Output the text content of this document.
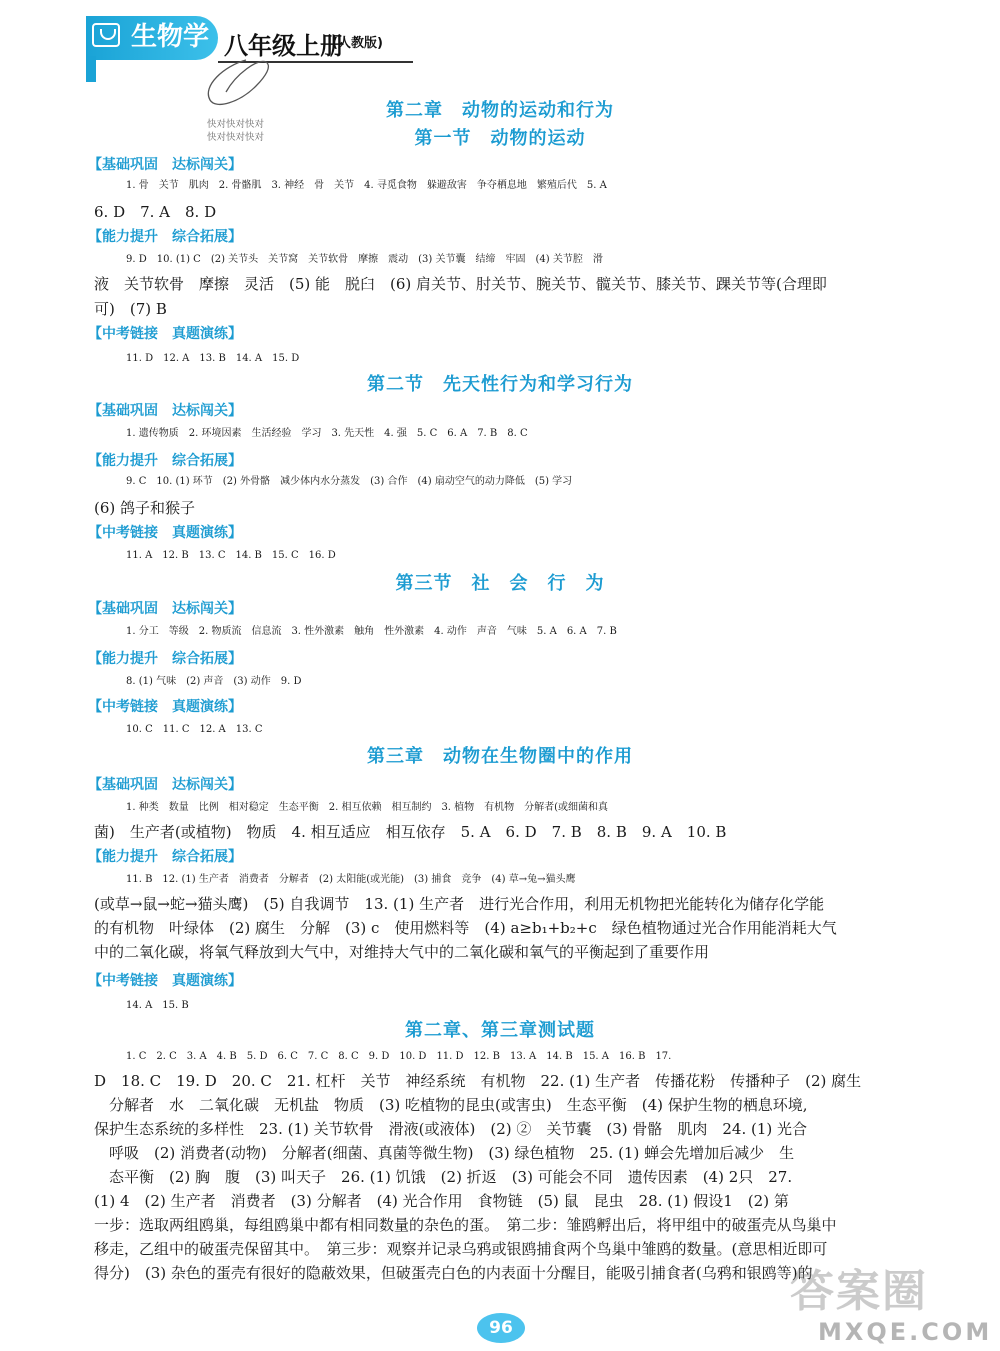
生物学 八年级上册
(人教版)
快对快对快对
快对快对快对
第二章　动物的运动和行为
第一节　动物的运动
【基础巩固　达标闯关】
1. 骨　关节　肌肉　2. 骨骼肌　3. 神经　骨　关节　4. 寻觅食物　躲避敌害　争夺栖息地　繁殖后代　5. A
6. D　7. A　8. D
【能力提升　综合拓展】
9. D　10. (1) C　(2) 关节头　关节窝　关节软骨　摩擦　震动　(3) 关节囊　结缔　牢固　(4) 关节腔　滑
液　关节软骨　摩擦　灵活　(5) 能　脱臼　(6) 肩关节、肘关节、腕关节、髋关节、膝关节、踝关节等(合理即
可)　(7) B
【中考链接　真题演练】
11. D　12. A　13. B　14. A　15. D
第二节　先天性行为和学习行为
【基础巩固　达标闯关】
1. 遗传物质　2. 环境因素　生活经验　学习　3. 先天性　4. 强　5. C　6. A　7. B　8. C
【能力提升　综合拓展】
9. C　10. (1) 环节　(2) 外骨骼　减少体内水分蒸发　(3) 合作　(4) 扇动空气的动力降低　(5) 学习
(6) 鸽子和猴子
【中考链接　真题演练】
11. A　12. B　13. C　14. B　15. C　16. D
第三节　社　会　行　为
【基础巩固　达标闯关】
1. 分工　等级　2. 物质流　信息流　3. 性外激素　触角　性外激素　4. 动作　声音　气味　5. A　6. A　7. B
【能力提升　综合拓展】
8. (1) 气味　(2) 声音　(3) 动作　9. D
【中考链接　真题演练】
10. C　11. C　12. A　13. C
第三章　动物在生物圈中的作用
【基础巩固　达标闯关】
1. 种类　数量　比例　相对稳定　生态平衡　2. 相互依赖　相互制约　3. 植物　有机物　分解者(或细菌和真
菌)　生产者(或植物)　物质　4. 相互适应　相互依存　5. A　6. D　7. B　8. B　9. A　10. B
【能力提升　综合拓展】
11. B　12. (1) 生产者　消费者　分解者　(2) 太阳能(或光能)　(3) 捕食　竞争　(4) 草→兔→猫头鹰
(或草→鼠→蛇→猫头鹰)　(5) 自我调节　13. (1) 生产者　进行光合作用，利用无机物把光能转化为储存化学能
的有机物　叶绿体　(2) 腐生　分解　(3) c　使用燃料等　(4) a≥b₁+b₂+c　绿色植物通过光合作用能消耗大气
中的二氧化碳，将氧气释放到大气中，对维持大气中的二氧化碳和氧气的平衡起到了重要作用
【中考链接　真题演练】
14. A　15. B
第二章、第三章测试题
1. C　2. C　3. A　4. B　5. D　6. C　7. C　8. C　9. D　10. D　11. D　12. B　13. A　14. B　15. A　16. B　17.
D　18. C　19. D　20. C　21. 杠杆　关节　神经系统　有机物　22. (1) 生产者　传播花粉　传播种子　(2) 腐生
　分解者　水　二氧化碳　无机盐　物质　(3) 吃植物的昆虫(或害虫)　生态平衡　(4) 保护生物的栖息环境,
保护生态系统的多样性　23. (1) 关节软骨　滑液(或液体)　(2) ②　关节囊　(3) 骨骼　肌肉　24. (1) 光合
　呼吸　(2) 消费者(动物)　分解者(细菌、真菌等微生物)　(3) 绿色植物　25. (1) 蝉会先增加后减少　生
　态平衡　(2) 胸　腹　(3) 叫天子　26. (1) 饥饿　(2) 折返　(3) 可能会不同　遗传因素　(4) 2只　27.
(1) 4　(2) 生产者　消费者　(3) 分解者　(4) 光合作用　食物链　(5) 鼠　昆虫　28. (1) 假设1　(2) 第
一步：选取两组鸥巢，每组鸥巢中都有相同数量的杂色的蛋。　第二步：雏鸥孵出后，将甲组中的破蛋壳从鸟巢中
移走，乙组中的破蛋壳保留其中。　第三步：观察并记录乌鸦或银鸥捕食两个鸟巢中雏鸥的数量。(意思相近即可
得分)　(3) 杂色的蛋壳有很好的隐蔽效果，但破蛋壳白色的内表面十分醒目，能吸引捕食者(乌鸦和银鸥等)的
96
答案圈
MXQE.COM
